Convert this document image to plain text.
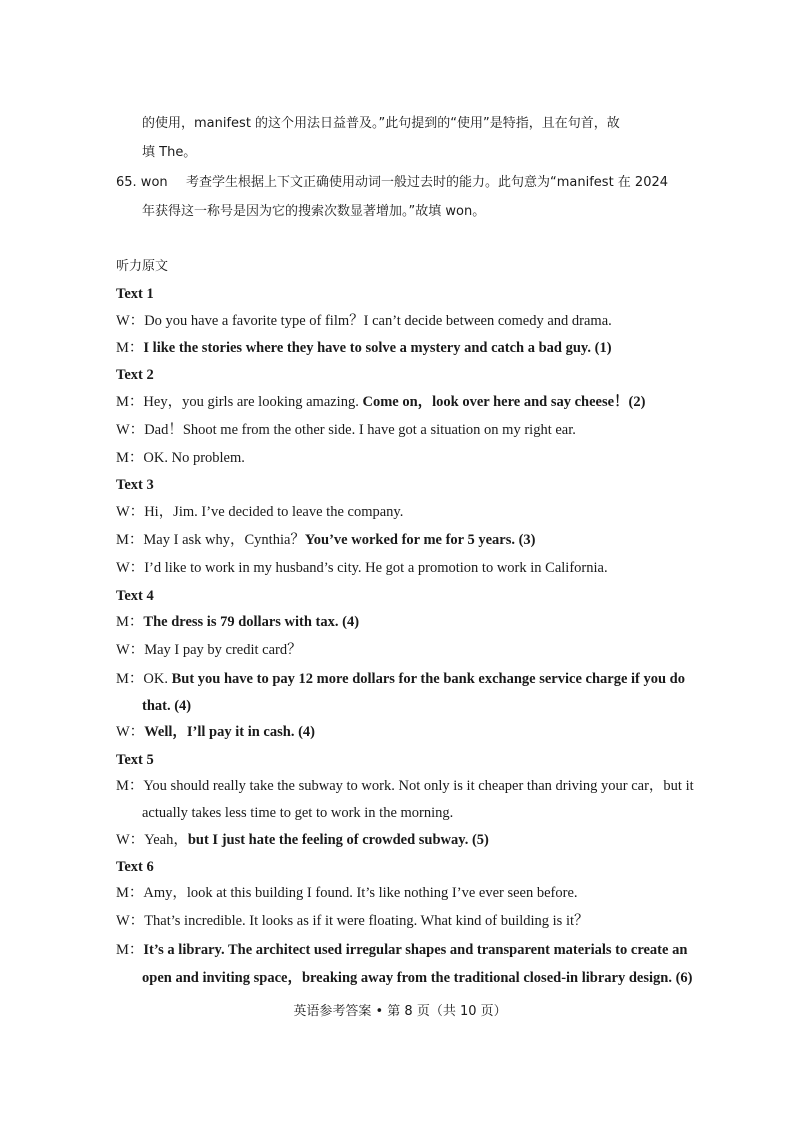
的使用，manifest 的这个用法日益普及。”此句提到的“使用”是特指，且在句首，故
填 The。
65. won 考查学生根据上下文正确使用动词一般过去时的能力。此句意为“manifest 在 2024
年获得这一称号是因为它的搜索次数显著增加。”故填 won。
听力原文
Text 1
W：Do you have a favorite type of film？I can’t decide between comedy and drama.
M：I like the stories where they have to solve a mystery and catch a bad guy. (1)
Text 2
M：Hey，you girls are looking amazing. Come on，look over here and say cheese！(2)
W：Dad！Shoot me from the other side. I have got a situation on my right ear.
M：OK. No problem.
Text 3
W：Hi，Jim. I’ve decided to leave the company.
M：May I ask why，Cynthia？You’ve worked for me for 5 years. (3)
W：I’d like to work in my husband’s city. He got a promotion to work in California.
Text 4
M：The dress is 79 dollars with tax. (4)
W：May I pay by credit card？
M：OK. But you have to pay 12 more dollars for the bank exchange service charge if you do
that. (4)
W：Well，I’ll pay it in cash. (4)
Text 5
M：You should really take the subway to work. Not only is it cheaper than driving your car，but it
actually takes less time to get to work in the morning.
W：Yeah，but I just hate the feeling of crowded subway. (5)
Text 6
M：Amy，look at this building I found. It’s like nothing I’ve ever seen before.
W：That’s incredible. It looks as if it were floating. What kind of building is it？
M：It’s a library. The architect used irregular shapes and transparent materials to create an
open and inviting space，breaking away from the traditional closed-in library design. (6)
英语参考答案 • 第 8 页（共 10 页）
